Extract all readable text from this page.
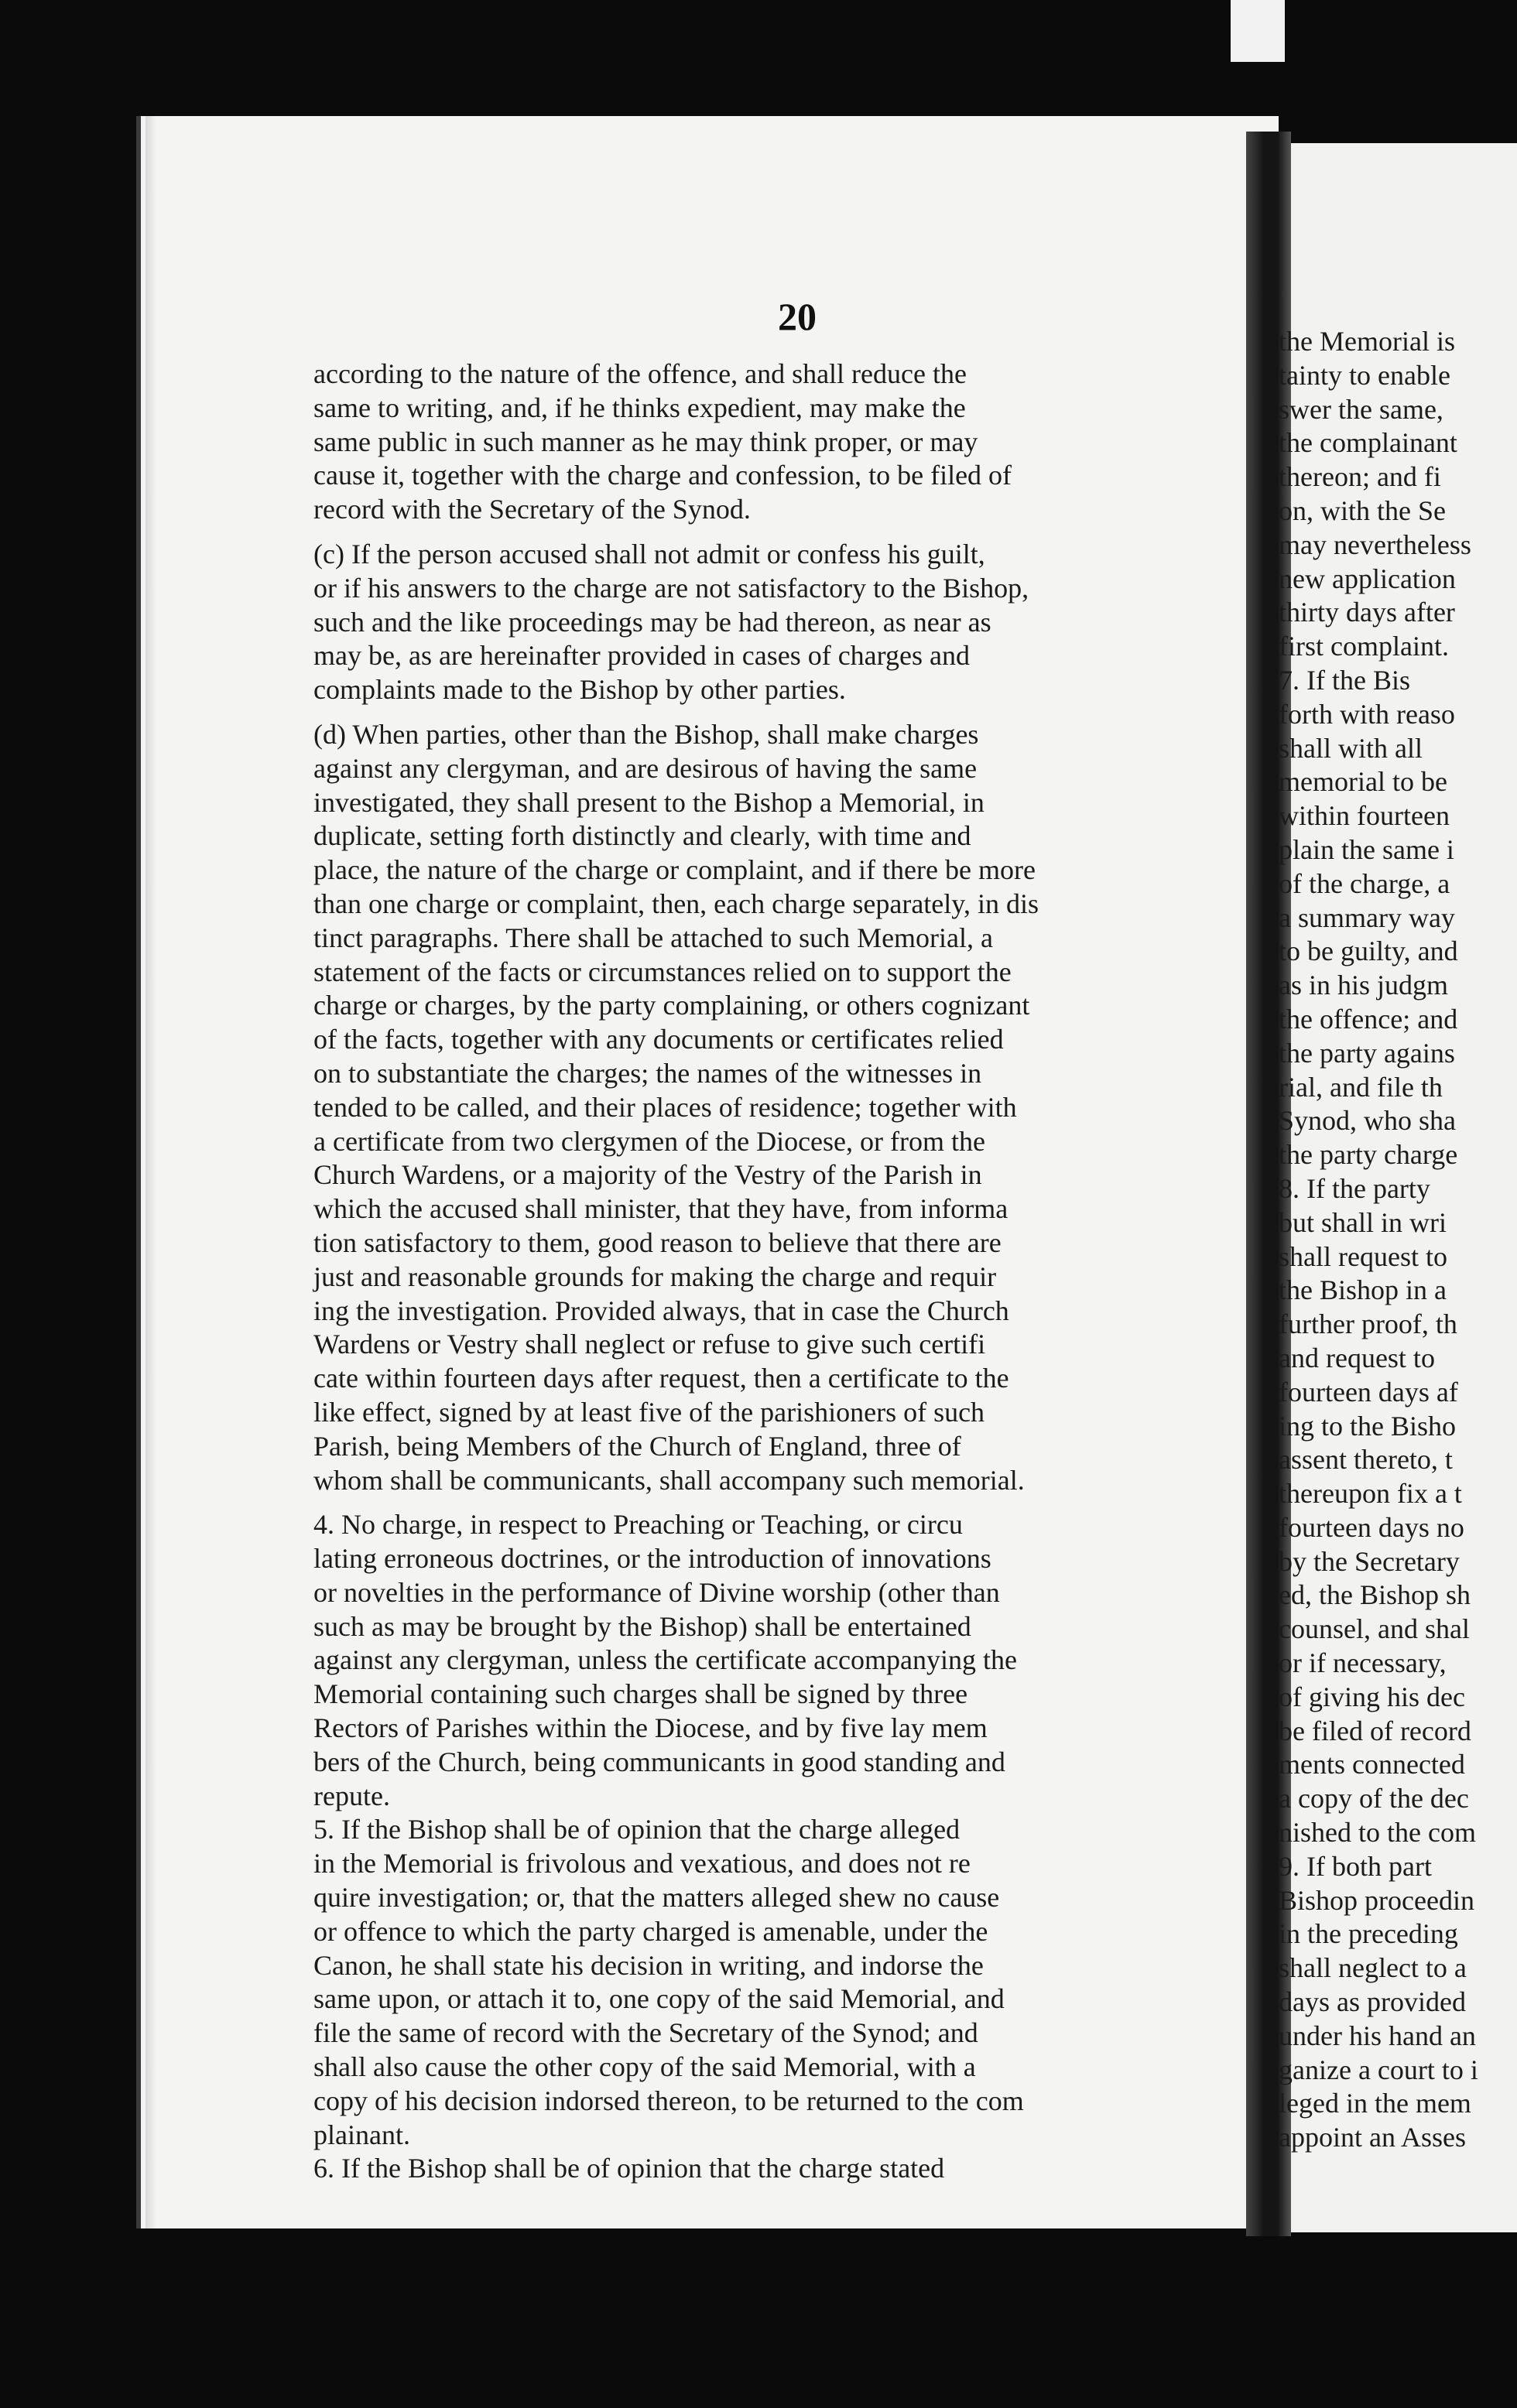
20
according to the nature of the offence, and shall reduce the
same to writing, and, if he thinks expedient, may make the
same public in such manner as he may think proper, or may
cause it, together with the charge and confession, to be filed of
record with the Secretary of the Synod.
(c) If the person accused shall not admit or confess his guilt,
or if his answers to the charge are not satisfactory to the Bishop,
such and the like proceedings may be had thereon, as near as
may be, as are hereinafter provided in cases of charges and
complaints made to the Bishop by other parties.
(d) When parties, other than the Bishop, shall make charges
against any clergyman, and are desirous of having the same
investigated, they shall present to the Bishop a Memorial, in
duplicate, setting forth distinctly and clearly, with time and
place, the nature of the charge or complaint, and if there be more
than one charge or complaint, then, each charge separately, in dis
tinct paragraphs. There shall be attached to such Memorial, a
statement of the facts or circumstances relied on to support the
charge or charges, by the party complaining, or others cognizant
of the facts, together with any documents or certificates relied
on to substantiate the charges; the names of the witnesses in
tended to be called, and their places of residence; together with
a certificate from two clergymen of the Diocese, or from the
Church Wardens, or a majority of the Vestry of the Parish in
which the accused shall minister, that they have, from informa
tion satisfactory to them, good reason to believe that there are
just and reasonable grounds for making the charge and requir
ing the investigation. Provided always, that in case the Church
Wardens or Vestry shall neglect or refuse to give such certifi
cate within fourteen days after request, then a certificate to the
like effect, signed by at least five of the parishioners of such
Parish, being Members of the Church of England, three of
whom shall be communicants, shall accompany such memorial.
4. No charge, in respect to Preaching or Teaching, or circu
lating erroneous doctrines, or the introduction of innovations
or novelties in the performance of Divine worship (other than
such as may be brought by the Bishop) shall be entertained
against any clergyman, unless the certificate accompanying the
Memorial containing such charges shall be signed by three
Rectors of Parishes within the Diocese, and by five lay mem
bers of the Church, being communicants in good standing and
repute.
5. If the Bishop shall be of opinion that the charge alleged
in the Memorial is frivolous and vexatious, and does not re
quire investigation; or, that the matters alleged shew no cause
or offence to which the party charged is amenable, under the
Canon, he shall state his decision in writing, and indorse the
same upon, or attach it to, one copy of the said Memorial, and
file the same of record with the Secretary of the Synod; and
shall also cause the other copy of the said Memorial, with a
copy of his decision indorsed thereon, to be returned to the com
plainant.
6. If the Bishop shall be of opinion that the charge stated
the Memorial is
tainty to enable
swer the same,
the complainant
thereon; and fi
on, with the Se
may nevertheless
new application
thirty days after
first complaint.
7. If the Bis
forth with reaso
shall with all
memorial to be
within fourteen
plain the same i
of the charge, a
a summary way
to be guilty, and
as in his judgm
the offence; and
the party agains
rial, and file th
Synod, who sha
the party charge
8. If the party
but shall in wri
shall request to
the Bishop in a
further proof, th
and request to
fourteen days af
ing to the Bisho
assent thereto, t
thereupon fix a t
fourteen days no
by the Secretary
ed, the Bishop sh
counsel, and shal
or if necessary,
of giving his dec
be filed of record
ments connected
a copy of the dec
nished to the com
9. If both part
Bishop proceedin
in the preceding
shall neglect to a
days as provided
under his hand an
ganize a court to i
leged in the mem
appoint an Asses
